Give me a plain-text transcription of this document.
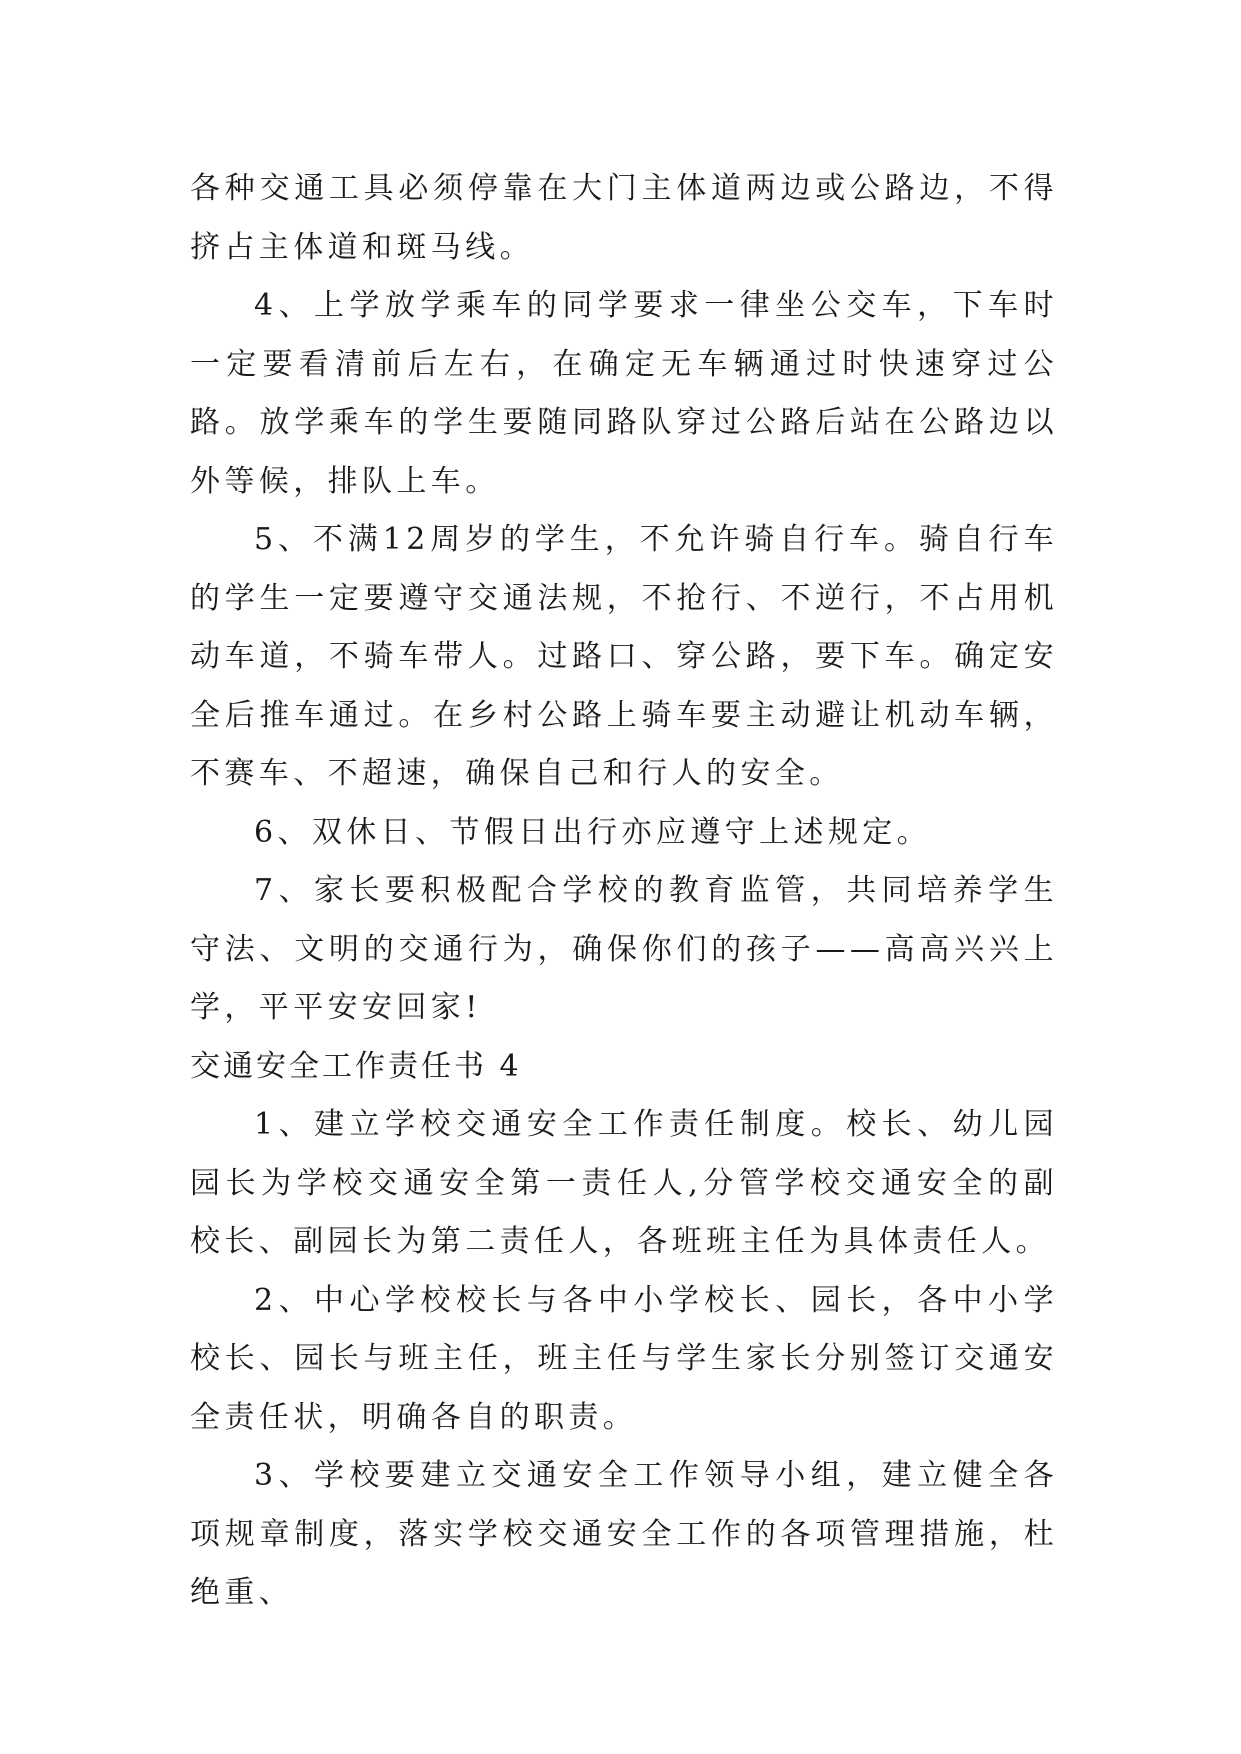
各种交通工具必须停靠在大门主体道两边或公路边，不得挤占主体道和斑马线。

4、上学放学乘车的同学要求一律坐公交车，下车时一定要看清前后左右，在确定无车辆通过时快速穿过公路。放学乘车的学生要随同路队穿过公路后站在公路边以外等候，排队上车。

5、不满12周岁的学生，不允许骑自行车。骑自行车的学生一定要遵守交通法规，不抢行、不逆行，不占用机动车道，不骑车带人。过路口、穿公路，要下车。确定安全后推车通过。在乡村公路上骑车要主动避让机动车辆，不赛车、不超速，确保自己和行人的安全。

6、双休日、节假日出行亦应遵守上述规定。

7、家长要积极配合学校的教育监管，共同培养学生守法、文明的交通行为，确保你们的孩子——高高兴兴上学，平平安安回家!

交通安全工作责任书 4

1、建立学校交通安全工作责任制度。校长、幼儿园园长为学校交通安全第一责任人,分管学校交通安全的副校长、副园长为第二责任人，各班班主任为具体责任人。

2、中心学校校长与各中小学校长、园长，各中小学校长、园长与班主任，班主任与学生家长分别签订交通安全责任状，明确各自的职责。

3、学校要建立交通安全工作领导小组，建立健全各项规章制度，落实学校交通安全工作的各项管理措施，杜绝重、
